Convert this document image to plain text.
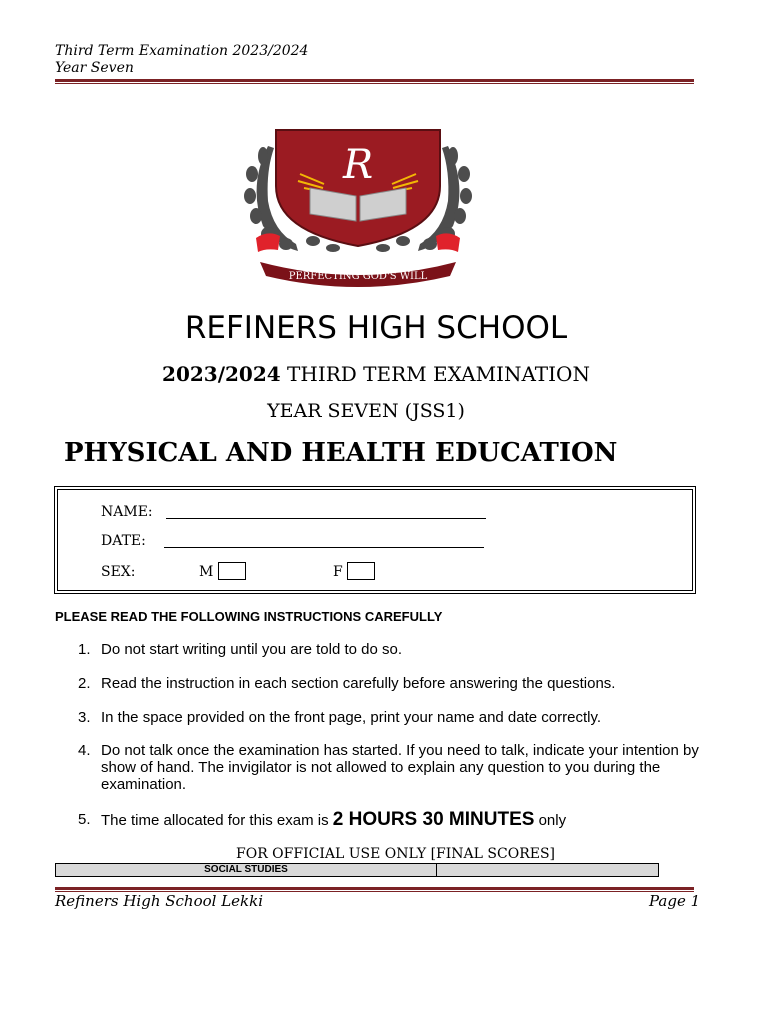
Third Term Examination 2023/2024
Year Seven
R
PERFECTING GOD'S WILL
REFINERS HIGH SCHOOL
2023/2024 THIRD TERM EXAMINATION
YEAR SEVEN (JSS1)
PHYSICAL AND HEALTH EDUCATION
NAME:
DATE:
SEX:	M	F
PLEASE READ THE FOLLOWING INSTRUCTIONS CAREFULLY
1. Do not start writing until you are told to do so.
2. Read the instruction in each section carefully before answering the questions.
3. In the space provided on the front page, print your name and date correctly.
4. Do not talk once the examination has started. If you need to talk, indicate your intention by show of hand. The invigilator is not allowed to explain any question to you during the examination.
5. The time allocated for this exam is 2 HOURS 30 MINUTES only
FOR OFFICIAL USE ONLY [FINAL SCORES]
SOCIAL STUDIES
Refiners High School Lekki	Page 1
